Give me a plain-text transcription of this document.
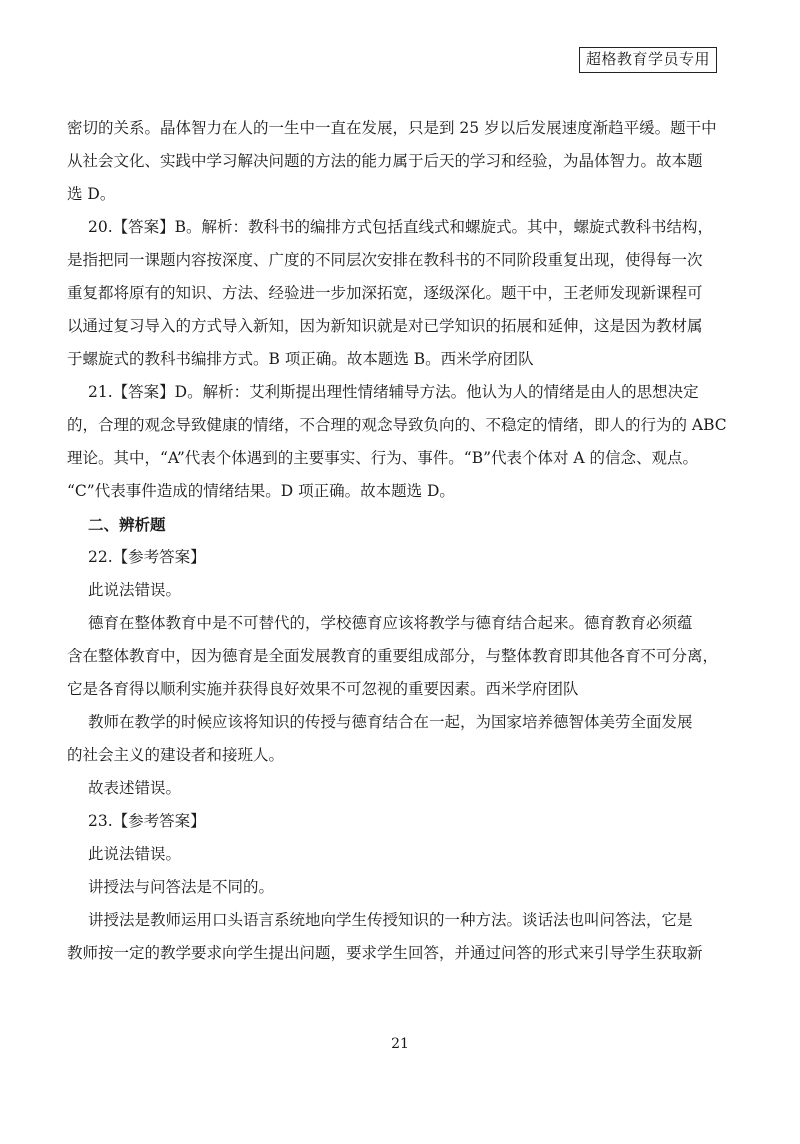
超格教育学员专用

密切的关系。晶体智力在人的一生中一直在发展，只是到 25 岁以后发展速度渐趋平缓。题干中
从社会文化、实践中学习解决问题的方法的能力属于后天的学习和经验，为晶体智力。故本题
选 D。

20.【答案】B。解析：教科书的编排方式包括直线式和螺旋式。其中，螺旋式教科书结构，
是指把同一课题内容按深度、广度的不同层次安排在教科书的不同阶段重复出现，使得每一次
重复都将原有的知识、方法、经验进一步加深拓宽，逐级深化。题干中，王老师发现新课程可
以通过复习导入的方式导入新知，因为新知识就是对已学知识的拓展和延伸，这是因为教材属
于螺旋式的教科书编排方式。B 项正确。故本题选 B。西米学府团队

21.【答案】D。解析：艾利斯提出理性情绪辅导方法。他认为人的情绪是由人的思想决定
的，合理的观念导致健康的情绪，不合理的观念导致负向的、不稳定的情绪，即人的行为的 ABC
理论。其中，“A”代表个体遇到的主要事实、行为、事件。“B”代表个体对 A 的信念、观点。
“C”代表事件造成的情绪结果。D 项正确。故本题选 D。

二、辨析题

22.【参考答案】

此说法错误。

德育在整体教育中是不可替代的，学校德育应该将教学与德育结合起来。德育教育必须蕴
含在整体教育中，因为德育是全面发展教育的重要组成部分，与整体教育即其他各育不可分离，
它是各育得以顺利实施并获得良好效果不可忽视的重要因素。西米学府团队

教师在教学的时候应该将知识的传授与德育结合在一起，为国家培养德智体美劳全面发展
的社会主义的建设者和接班人。

故表述错误。

23.【参考答案】

此说法错误。

讲授法与问答法是不同的。

讲授法是教师运用口头语言系统地向学生传授知识的一种方法。谈话法也叫问答法，它是
教师按一定的教学要求向学生提出问题，要求学生回答，并通过问答的形式来引导学生获取新

21
